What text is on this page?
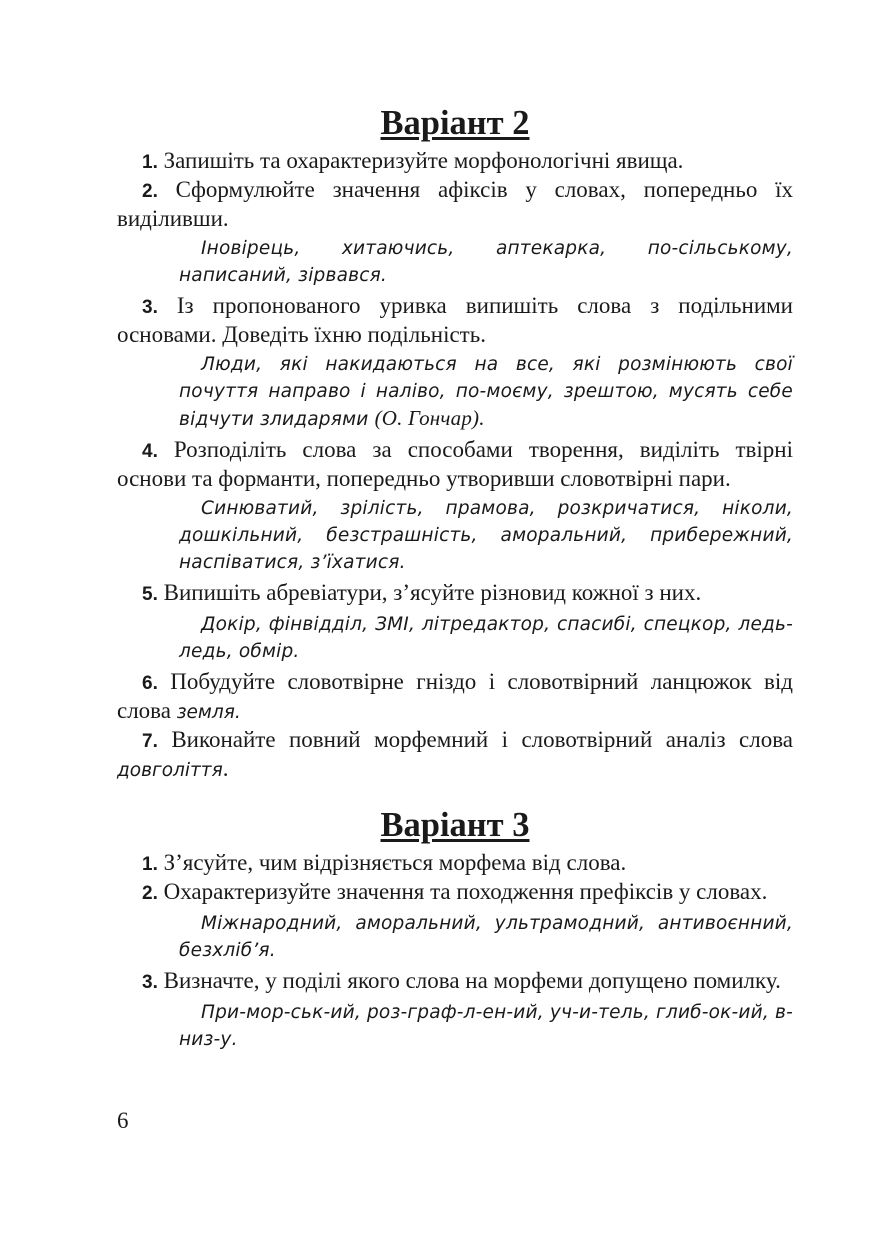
Варіант 2

1. Запишіть та охарактеризуйте морфонологічні явища.

2. Сформулюйте значення афіксів у словах, попередньо їх виділивши.

Іновірець, хитаючись, аптекарка, по-сільському, написаний, зірвався.

3. Із пропонованого уривка випишіть слова з подільними основами. Доведіть їхню подільність.

Люди, які накидаються на все, які розмінюють свої почуття направо і наліво, по-моєму, зрештою, мусять себе відчути злидарями (О. Гончар).

4. Розподіліть слова за способами творення, виділіть твірні основи та форманти, попередньо утворивши словотвірні пари.

Синюватий, зрілість, прамова, розкричатися, ніколи, дошкільний, безстрашність, аморальний, прибережний, наспіватися, з’їхатися.

5. Випишіть абревіатури, з’ясуйте різновид кожної з них.

Докір, фінвідділ, ЗМІ, літредактор, спасибі, спецкор, ледь-ледь, обмір.

6. Побудуйте словотвірне гніздо і словотвірний ланцюжок від слова земля.

7. Виконайте повний морфемний і словотвірний аналіз слова довголіття.

Варіант 3

1. З’ясуйте, чим відрізняється морфема від слова.

2. Охарактеризуйте значення та походження префіксів у словах.

Міжнародний, аморальний, ультрамодний, антивоєнний, безхліб’я.

3. Визначте, у поділі якого слова на морфеми допущено помилку.

При-мор-ськ-ий, роз-граф-л-ен-ий, уч-и-тель, глиб-ок-ий, в-низ-у.

6
